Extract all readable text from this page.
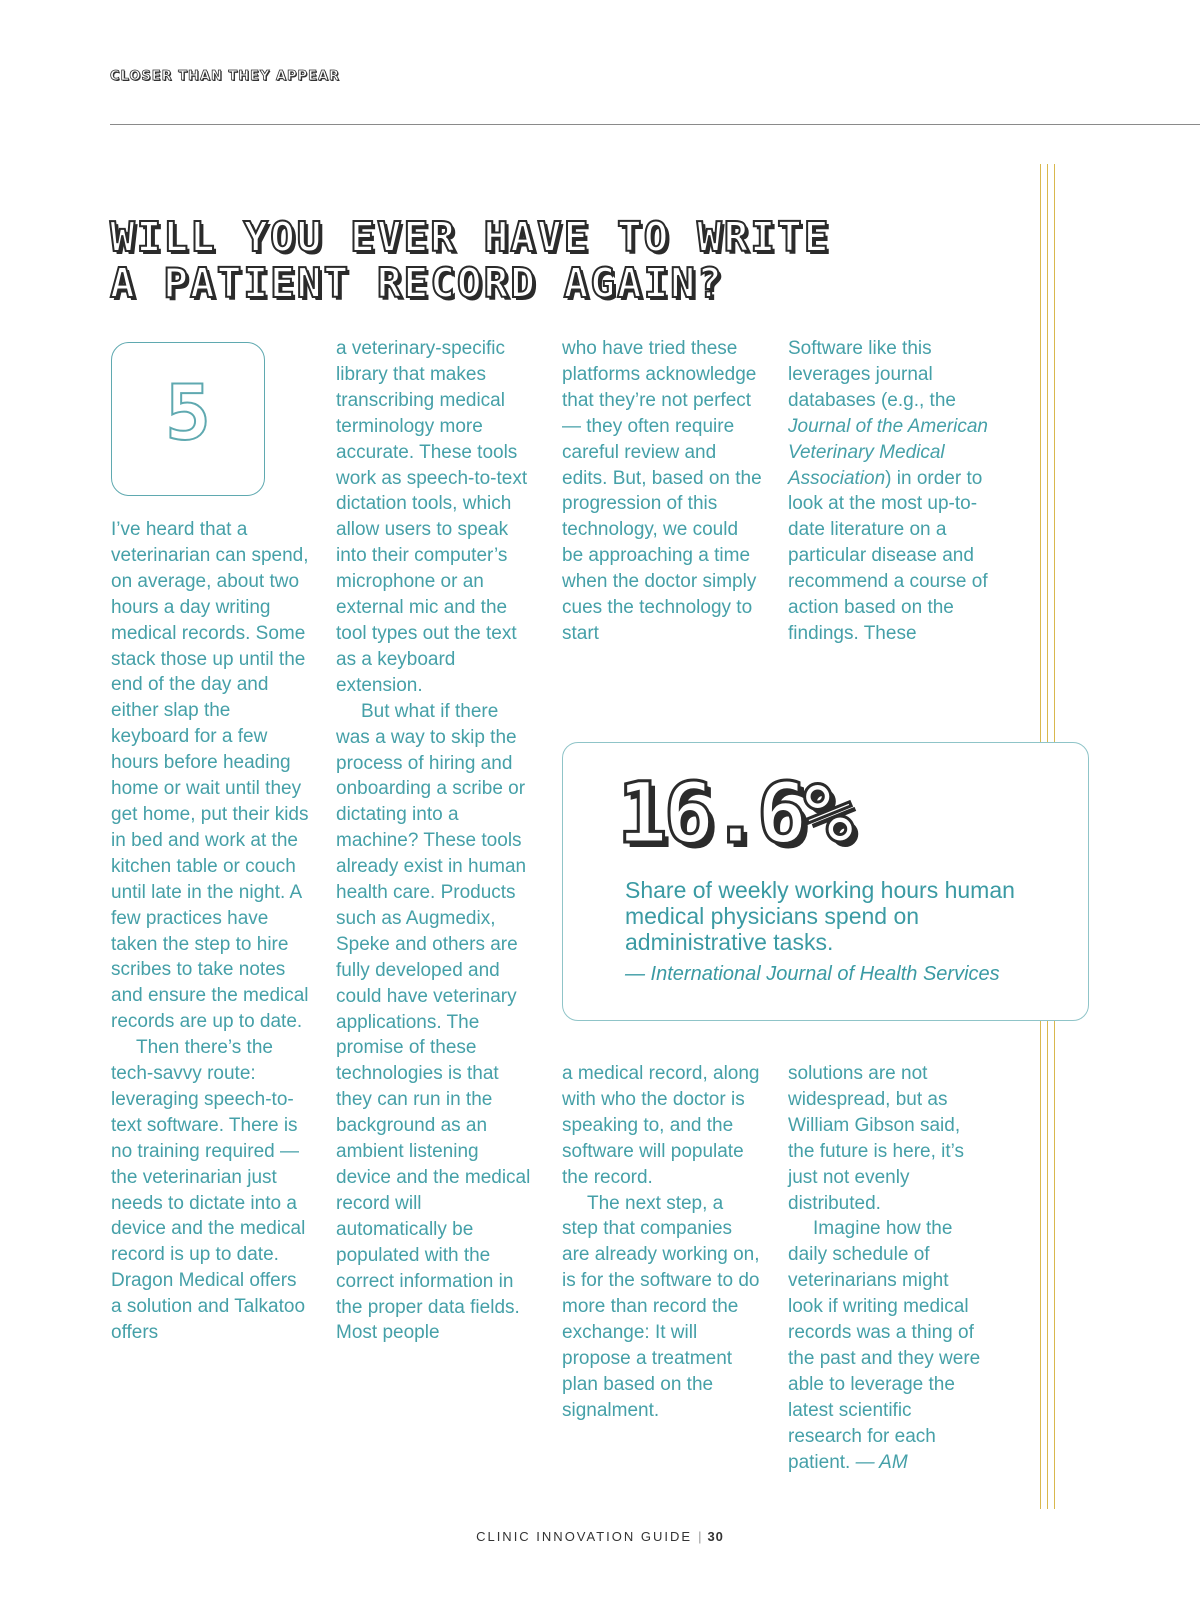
CLOSER THAN THEY APPEAR
WILL YOU EVER HAVE TO WRITE
A PATIENT RECORD AGAIN?
5

I’ve heard that a veterinarian can spend, on average, about two hours a day writing medical records. Some stack those up until the end of the day and either slap the keyboard for a few hours before heading home or wait until they get home, put their kids in bed and work at the kitchen table or couch until late in the night. A few practices have taken the step to hire scribes to take notes and ensure the medical records are up to date.

Then there’s the tech-savvy route: leveraging speech-to-text software. There is no training required — the veterinarian just needs to dictate into a device and the medical record is up to date. Dragon Medical offers a solution and Talkatoo offers

a veterinary-specific library that makes transcribing medical terminology more accurate. These tools work as speech-to-text dictation tools, which allow users to speak into their computer’s microphone or an external mic and the tool types out the text as a keyboard extension.

But what if there was a way to skip the process of hiring and onboarding a scribe or dictating into a machine? These tools already exist in human health care. Products such as Augmedix, Speke and others are fully developed and could have veterinary applications. The promise of these technologies is that they can run in the background as an ambient listening device and the medical record will automatically be populated with the correct information in the proper data fields. Most people

who have tried these platforms acknowledge that they’re not perfect — they often require careful review and edits. But, based on the progression of this technology, we could be approaching a time when the doctor simply cues the technology to start

Software like this leverages journal databases (e.g., the Journal of the American Veterinary Medical Association) in order to look at the most up-to-date literature on a particular disease and recommend a course of action based on the findings. These

16.6%
Share of weekly working hours human medical physicians spend on administrative tasks.
— International Journal of Health Services

a medical record, along with who the doctor is speaking to, and the software will populate the record.

The next step, a step that companies are already working on, is for the software to do more than record the exchange: It will propose a treatment plan based on the signalment.

solutions are not widespread, but as William Gibson said, the future is here, it’s just not evenly distributed.

Imagine how the daily schedule of veterinarians might look if writing medical records was a thing of the past and they were able to leverage the latest scientific research for each patient. — AM

CLINIC INNOVATION GUIDE | 30
